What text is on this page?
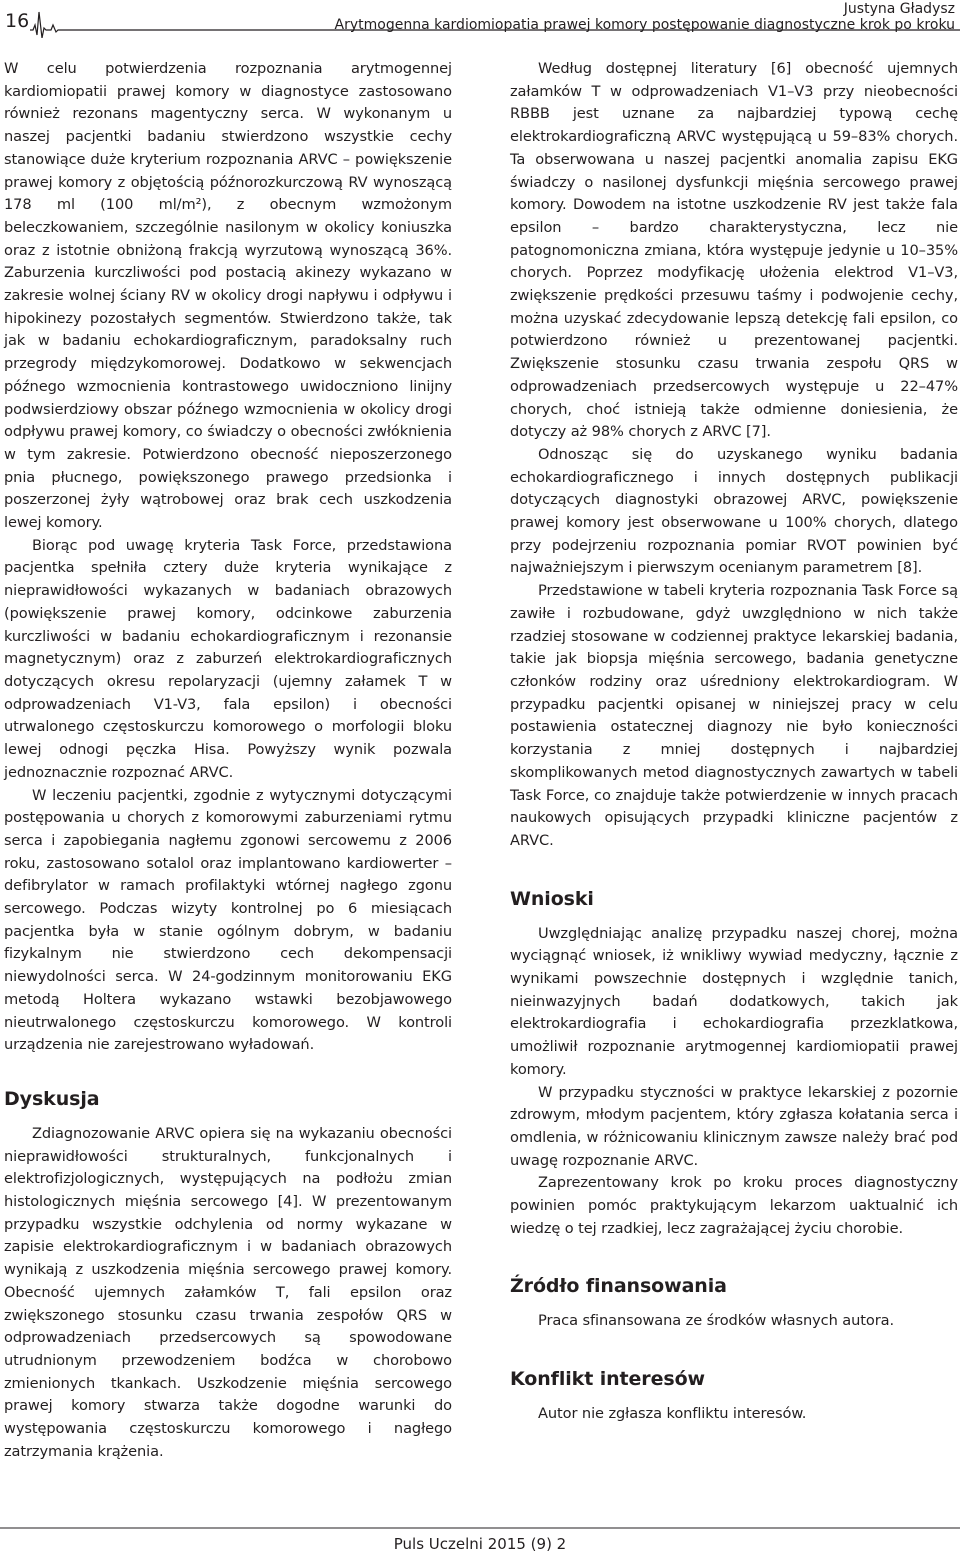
16
Justyna Gładysz
Arytmogenna kardiomiopatia prawej komory postępowanie diagnostyczne krok po kroku

W celu potwierdzenia rozpoznania arytmogennej kardiomiopatii prawej komory w diagnostyce zastosowano również rezonans magentyczny serca. W wykonanym u naszej pacjentki badaniu stwierdzono wszystkie cechy stanowiące duże kryterium rozpoznania ARVC – powiększenie prawej komory z objętością późnorozkurczową RV wynoszącą 178 ml (100 ml/m²), z obecnym wzmożonym beleczkowaniem, szczególnie nasilonym w okolicy koniuszka oraz z istotnie obniżoną frakcją wyrzutową wynoszącą 36%. Zaburzenia kurczliwości pod postacią akinezy wykazano w zakresie wolnej ściany RV w okolicy drogi napływu i odpływu i hipokinezy pozostałych segmentów. Stwierdzono także, tak jak w badaniu echokardiograficznym, paradoksalny ruch przegrody międzykomorowej. Dodatkowo w sekwencjach późnego wzmocnienia kontrastowego uwidoczniono linijny podwsierdziowy obszar późnego wzmocnienia w okolicy drogi odpływu prawej komory, co świadczy o obecności zwłóknienia w tym zakresie. Potwierdzono obecność nieposzerzonego pnia płucnego, powiększonego prawego przedsionka i poszerzonej żyły wątrobowej oraz brak cech uszkodzenia lewej komory.

Biorąc pod uwagę kryteria Task Force, przedstawiona pacjentka spełniła cztery duże kryteria wynikające z nieprawidłowości wykazanych w badaniach obrazowych (powiększenie prawej komory, odcinkowe zaburzenia kurczliwości w badaniu echokardiograficznym i rezonansie magnetycznym) oraz z zaburzeń elektrokardiograficznych dotyczących okresu repolaryzacji (ujemny załamek T w odprowadzeniach V1-V3, fala epsilon) i obecności utrwalonego częstoskurczu komorowego o morfologii bloku lewej odnogi pęczka Hisa. Powyższy wynik pozwala jednoznacznie rozpoznać ARVC.

W leczeniu pacjentki, zgodnie z wytycznymi dotyczącymi postępowania u chorych z komorowymi zaburzeniami rytmu serca i zapobiegania nagłemu zgonowi sercowemu z 2006 roku, zastosowano sotalol oraz implantowano kardiowerter – defibrylator w ramach profilaktyki wtórnej nagłego zgonu sercowego. Podczas wizyty kontrolnej po 6 miesiącach pacjentka była w stanie ogólnym dobrym, w badaniu fizykalnym nie stwierdzono cech dekompensacji niewydolności serca. W 24-godzinnym monitorowaniu EKG metodą Holtera wykazano wstawki bezobjawowego nieutrwalonego częstoskurczu komorowego. W kontroli urządzenia nie zarejestrowano wyładowań.

Dyskusja

Zdiagnozowanie ARVC opiera się na wykazaniu obecności nieprawidłowości strukturalnych, funkcjonalnych i elektrofizjologicznych, występujących na podłożu zmian histologicznych mięśnia sercowego [4]. W prezentowanym przypadku wszystkie odchylenia od normy wykazane w zapisie elektrokardiograficznym i w badaniach obrazowych wynikają z uszkodzenia mięśnia sercowego prawej komory. Obecność ujemnych załamków T, fali epsilon oraz zwiększonego stosunku czasu trwania zespołów QRS w odprowadzeniach przedsercowych są spowodowane utrudnionym przewodzeniem bodźca w chorobowo zmienionych tkankach. Uszkodzenie mięśnia sercowego prawej komory stwarza także dogodne warunki do występowania częstoskurczu komorowego i nagłego zatrzymania krążenia.

Według dostępnej literatury [6] obecność ujemnych załamków T w odprowadzeniach V1–V3 przy nieobecności RBBB jest uznane za najbardziej typową cechę elektrokardiograficzną ARVC występującą u 59–83% chorych. Ta obserwowana u naszej pacjentki anomalia zapisu EKG świadczy o nasilonej dysfunkcji mięśnia sercowego prawej komory. Dowodem na istotne uszkodzenie RV jest także fala epsilon – bardzo charakterystyczna, lecz nie patognomoniczna zmiana, która występuje jedynie u 10–35% chorych. Poprzez modyfikację ułożenia elektrod V1–V3, zwiększenie prędkości przesuwu taśmy i podwojenie cechy, można uzyskać zdecydowanie lepszą detekcję fali epsilon, co potwierdzono również u prezentowanej pacjentki. Zwiększenie stosunku czasu trwania zespołu QRS w odprowadzeniach przedsercowych występuje u 22–47% chorych, choć istnieją także odmienne doniesienia, że dotyczy aż 98% chorych z ARVC [7].

Odnosząc się do uzyskanego wyniku badania echokardiograficznego i innych dostępnych publikacji dotyczących diagnostyki obrazowej ARVC, powiększenie prawej komory jest obserwowane u 100% chorych, dlatego przy podejrzeniu rozpoznania pomiar RVOT powinien być najważniejszym i pierwszym ocenianym parametrem [8].

Przedstawione w tabeli kryteria rozpoznania Task Force są zawiłe i rozbudowane, gdyż uwzględniono w nich także rzadziej stosowane w codziennej praktyce lekarskiej badania, takie jak biopsja mięśnia sercowego, badania genetyczne członków rodziny oraz uśredniony elektrokardiogram. W przypadku pacjentki opisanej w niniejszej pracy w celu postawienia ostatecznej diagnozy nie było konieczności korzystania z mniej dostępnych i najbardziej skomplikowanych metod diagnostycznych zawartych w tabeli Task Force, co znajduje także potwierdzenie w innych pracach naukowych opisujących przypadki kliniczne pacjentów z ARVC.

Wnioski

Uwzględniając analizę przypadku naszej chorej, można wyciągnąć wniosek, iż wnikliwy wywiad medyczny, łącznie z wynikami powszechnie dostępnych i względnie tanich, nieinwazyjnych badań dodatkowych, takich jak elektrokardiografia i echokardiografia przezklatkowa, umożliwił rozpoznanie arytmogennej kardiomiopatii prawej komory.

W przypadku styczności w praktyce lekarskiej z pozornie zdrowym, młodym pacjentem, który zgłasza kołatania serca i omdlenia, w różnicowaniu klinicznym zawsze należy brać pod uwagę rozpoznanie ARVC.

Zaprezentowany krok po kroku proces diagnostyczny powinien pomóc praktykującym lekarzom uaktualnić ich wiedzę o tej rzadkiej, lecz zagrażającej życiu chorobie.

Źródło finansowania

Praca sfinansowana ze środków własnych autora.

Konflikt interesów

Autor nie zgłasza konfliktu interesów.

Puls Uczelni 2015 (9) 2
